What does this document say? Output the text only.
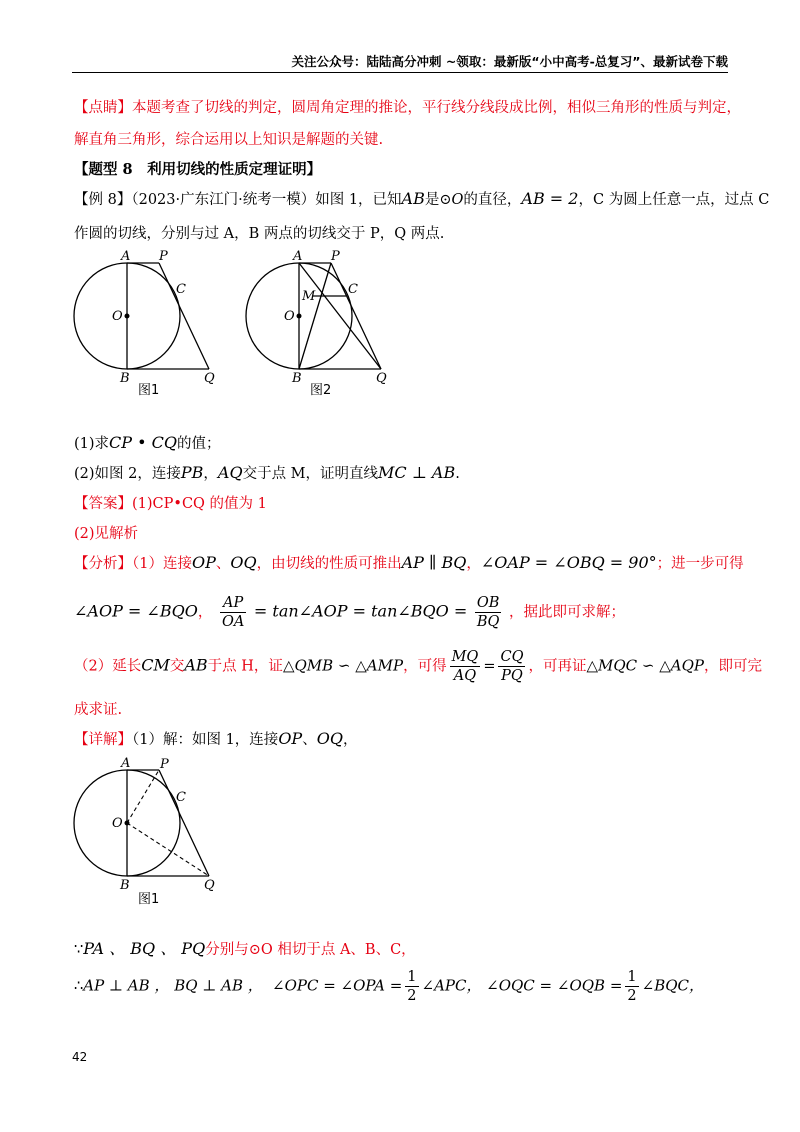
关注公众号：陆陆高分冲刺 ~领取：最新版“小中高考-总复习”、最新试卷下载
【点睛】本题考查了切线的判定，圆周角定理的推论，平行线分线段成比例，相似三角形的性质与判定，
解直角三角形，综合运用以上知识是解题的关键.
【题型 8　利用切线的性质定理证明】
【例 8】（2023·广东江门·统考一模）如图 1，已知AB是⊙O的直径，AB = 2，C 为圆上任意一点，过点 C
作圆的切线，分别与过 A，B 两点的切线交于 P，Q 两点.
A P
C
O
B	Q
图1
A P
M	C
O
B	Q
图2
(1)求CP • CQ的值；
(2)如图 2，连接PB，AQ交于点 M，证明直线MC ⊥ AB.
【答案】(1)CP•CQ 的值为 1
(2)见解析
【分析】（1）连接OP、OQ，由切线的性质可推出AP ∥ BQ，∠OAP = ∠OBQ = 90°；进一步可得
∠AOP = ∠BQO， $\frac{AP}{OA}$ = tan∠AOP = tan∠BQO = $\frac{OB}{BQ}$ ，据此即可求解；
（2）延长CM交AB于点 H，证△QMB ∽ △AMP，可得 $\frac{MQ}{AQ} = \frac{CQ}{PQ}$ ，可再证△MQC ∽ △AQP，即可完
成求证.
【详解】（1）解：如图 1，连接OP、OQ，
A P
C
O
B	Q
图1
∵PA 、 BQ 、 PQ分别与⊙O 相切于点 A、B、C，
∴AP ⊥ AB ， BQ ⊥ AB ， ∠OPC = ∠OPA = $\frac{1}{2}$ ∠APC， ∠OQC = ∠OQB = $\frac{1}{2}$ ∠BQC，
42
